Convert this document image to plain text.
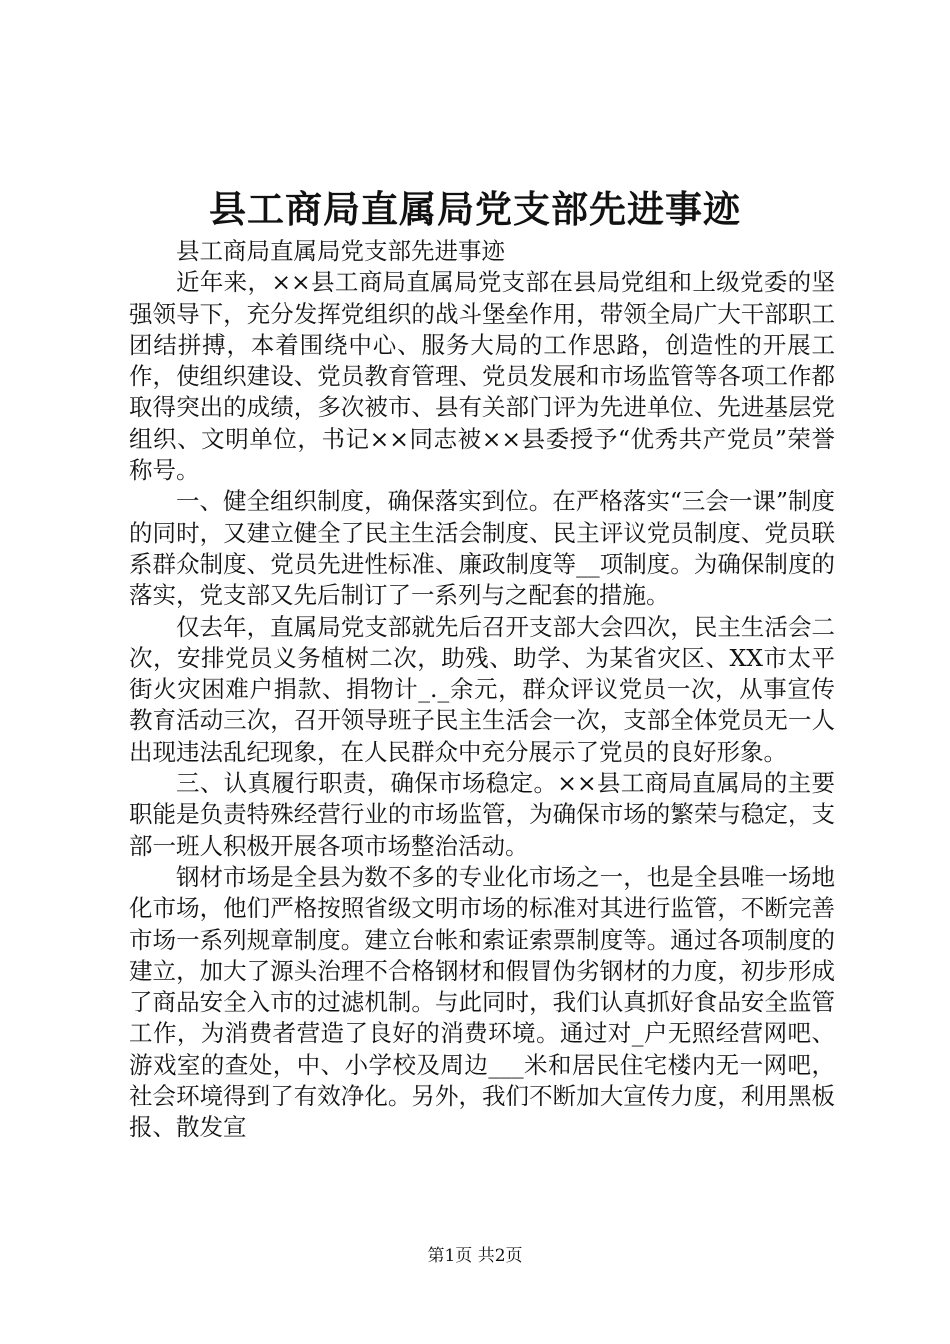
县工商局直属局党支部先进事迹

县工商局直属局党支部先进事迹

近年来，××县工商局直属局党支部在县局党组和上级党委的坚强领导下，充分发挥党组织的战斗堡垒作用，带领全局广大干部职工团结拼搏，本着围绕中心、服务大局的工作思路，创造性的开展工作，使组织建设、党员教育管理、党员发展和市场监管等各项工作都取得突出的成绩，多次被市、县有关部门评为先进单位、先进基层党组织、文明单位，书记××同志被××县委授予“优秀共产党员”荣誉称号。

一、健全组织制度，确保落实到位。在严格落实“三会一课”制度的同时，又建立健全了民主生活会制度、民主评议党员制度、党员联系群众制度、党员先进性标准、廉政制度等__项制度。为确保制度的落实，党支部又先后制订了一系列与之配套的措施。

仅去年，直属局党支部就先后召开支部大会四次，民主生活会二次，安排党员义务植树二次，助残、助学、为某省灾区、XX市太平街火灾困难户捐款、捐物计_._余元，群众评议党员一次，从事宣传教育活动三次，召开领导班子民主生活会一次，支部全体党员无一人出现违法乱纪现象，在人民群众中充分展示了党员的良好形象。

三、认真履行职责，确保市场稳定。××县工商局直属局的主要职能是负责特殊经营行业的市场监管，为确保市场的繁荣与稳定，支部一班人积极开展各项市场整治活动。

钢材市场是全县为数不多的专业化市场之一，也是全县唯一场地化市场，他们严格按照省级文明市场的标准对其进行监管，不断完善市场一系列规章制度。建立台帐和索证索票制度等。通过各项制度的建立，加大了源头治理不合格钢材和假冒伪劣钢材的力度，初步形成了商品安全入市的过滤机制。与此同时，我们认真抓好食品安全监管工作，为消费者营造了良好的消费环境。通过对_户无照经营网吧、游戏室的查处，中、小学校及周边___米和居民住宅楼内无一网吧，社会环境得到了有效净化。另外，我们不断加大宣传力度，利用黑板报、散发宣

第1页 共2页
